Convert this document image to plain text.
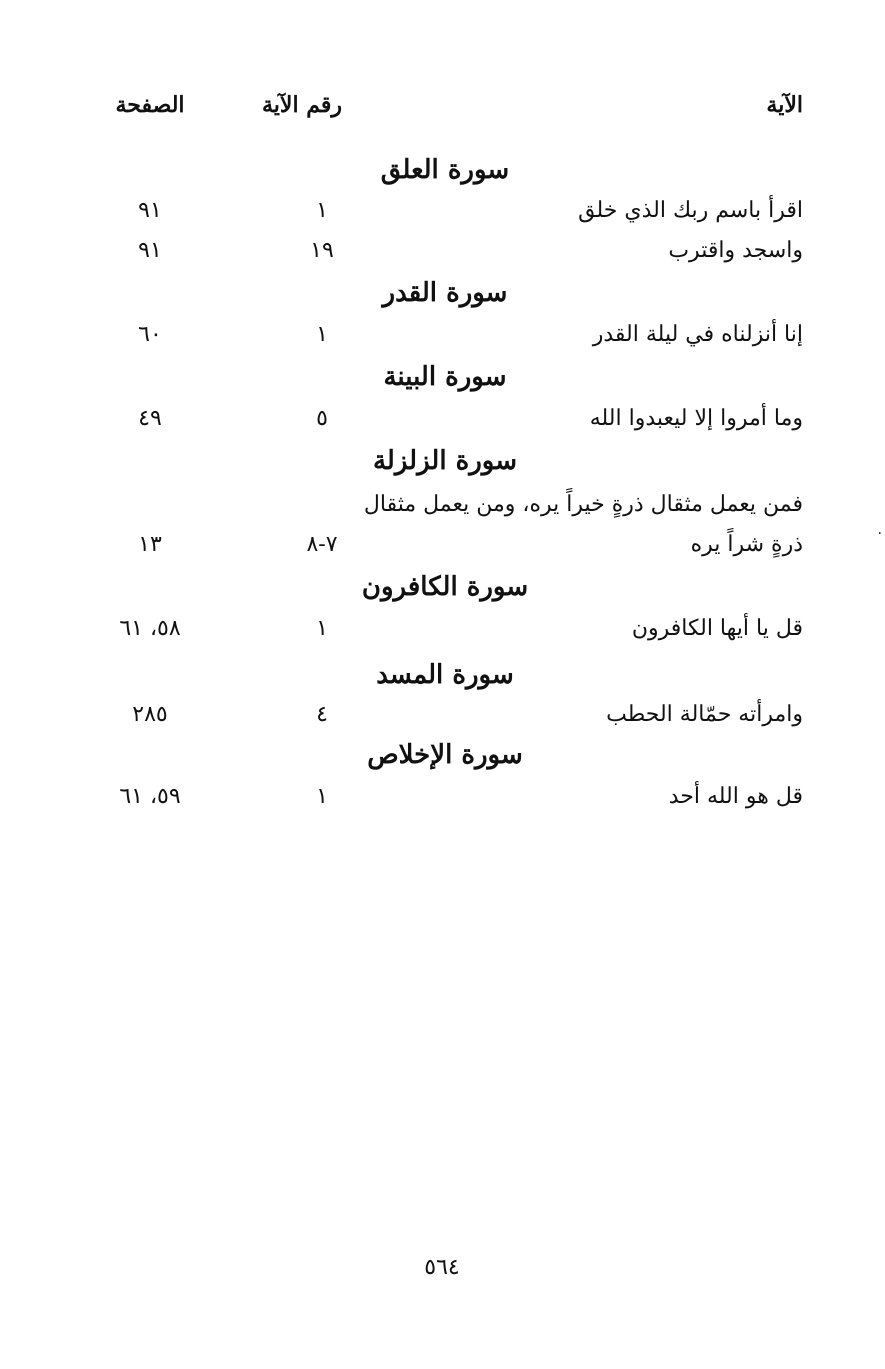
الآية
رقم الآية
الصفحة
سورة العلق
اقرأ باسم ربك الذي خلق
١
٩١
واسجد واقترب
١٩
٩١
سورة القدر
إنا أنزلناه في ليلة القدر
١
٦٠
سورة البينة
وما أمروا إلا ليعبدوا الله
٥
٤٩
سورة الزلزلة
فمن يعمل مثقال ذرةٍ خيراً يره، ومن يعمل مثقال
ذرةٍ شراً يره
٧-٨
١٣
سورة الكافرون
قل يا أيها الكافرون
١
٥٨، ٦١
سورة المسد
وامرأته حمّالة الحطب
٤
٢٨٥
سورة الإخلاص
قل هو الله أحد
١
٥٩، ٦١
٠
٥٦٤
